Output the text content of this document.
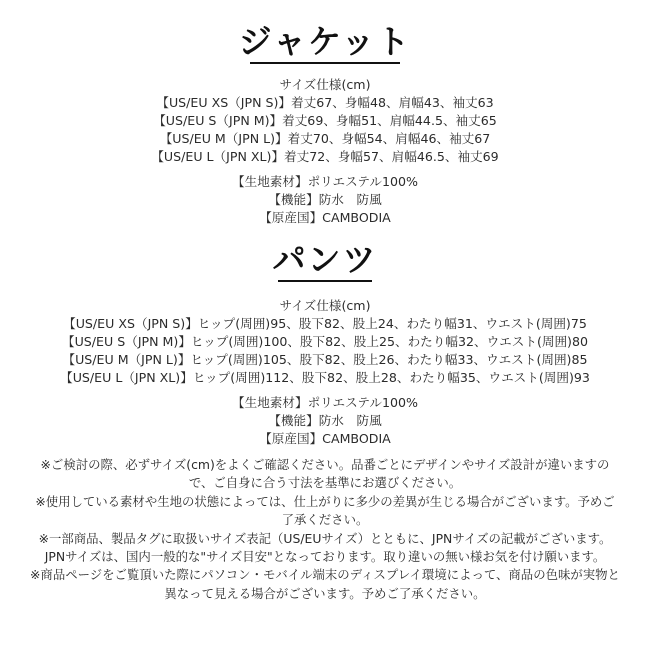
ジャケット
サイズ仕様(cm)
【US/EU XS（JPN S)】着丈67、身幅48、肩幅43、袖丈63
【US/EU S（JPN M)】着丈69、身幅51、肩幅44.5、袖丈65
【US/EU M（JPN L)】着丈70、身幅54、肩幅46、袖丈67
【US/EU L（JPN XL)】着丈72、身幅57、肩幅46.5、袖丈69
【生地素材】ポリエステル100%
【機能】防水　防風
【原産国】CAMBODIA
パンツ
サイズ仕様(cm)
【US/EU XS（JPN S)】ヒップ(周囲)95、股下82、股上24、わたり幅31、ウエスト(周囲)75
【US/EU S（JPN M)】ヒップ(周囲)100、股下82、股上25、わたり幅32、ウエスト(周囲)80
【US/EU M（JPN L)】ヒップ(周囲)105、股下82、股上26、わたり幅33、ウエスト(周囲)85
【US/EU L（JPN XL)】ヒップ(周囲)112、股下82、股上28、わたり幅35、ウエスト(周囲)93
【生地素材】ポリエステル100%
【機能】防水　防風
【原産国】CAMBODIA
※ご検討の際、必ずサイズ(cm)をよくご確認ください。品番ごとにデザインやサイズ設計が違いますので、ご自身に合う寸法を基準にお選びください。
※使用している素材や生地の状態によっては、仕上がりに多少の差異が生じる場合がございます。予めご了承ください。
※一部商品、製品タグに取扱いサイズ表記（US/EUサイズ）とともに、JPNサイズの記載がございます。JPNサイズは、国内一般的な"サイズ目安"となっております。取り違いの無い様お気を付け願います。
※商品ページをご覧頂いた際にパソコン・モバイル端末のディスプレイ環境によって、商品の色味が実物と異なって見える場合がございます。予めご了承ください。
